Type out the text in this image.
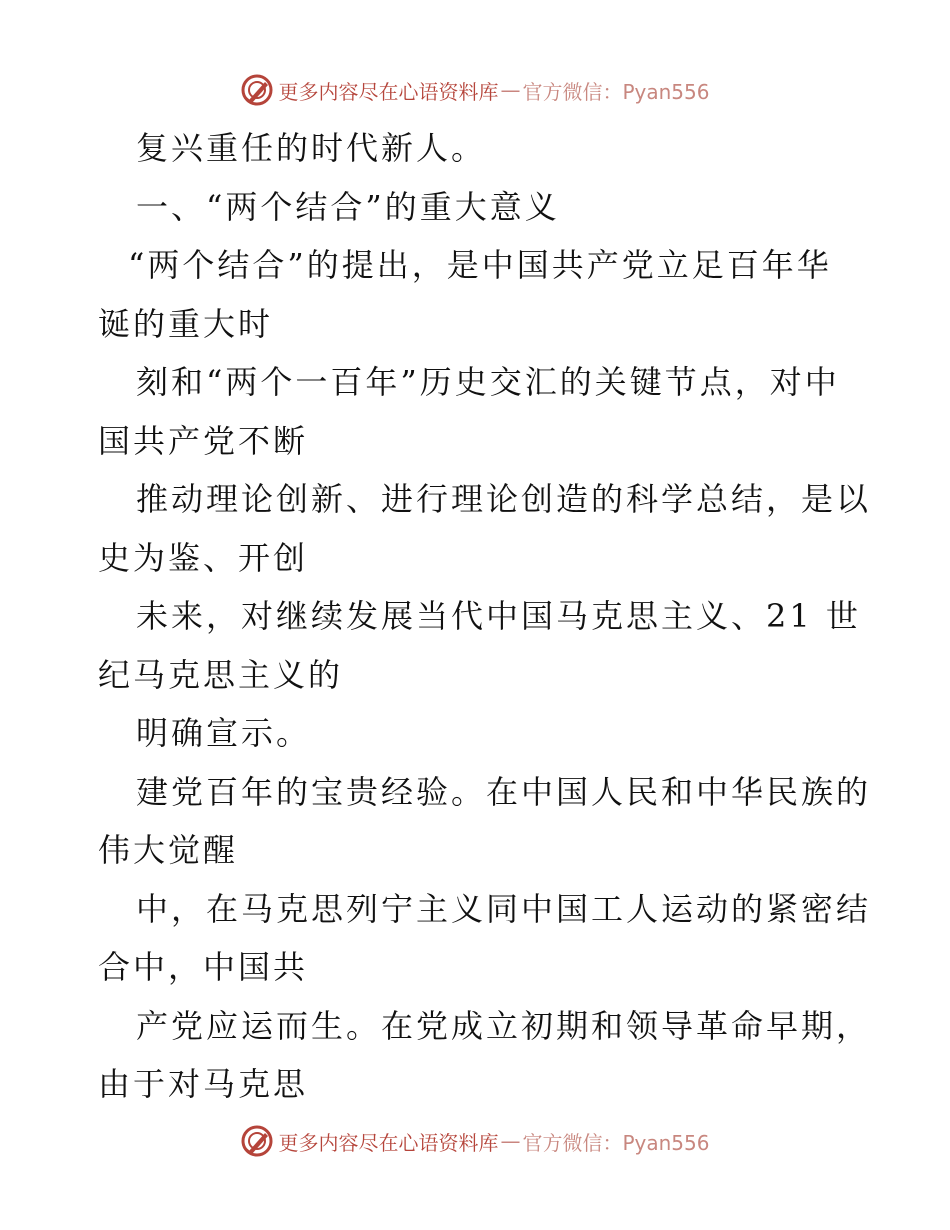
更多内容尽在心语资料库 — 官方微信：Pyan556
复兴重任的时代新人。
一、“两个结合”的重大意义
“两个结合”的提出，是中国共产党立足百年华
诞的重大时
刻和“两个一百年”历史交汇的关键节点，对中
国共产党不断
推动理论创新、进行理论创造的科学总结，是以
史为鉴、开创
未来，对继续发展当代中国马克思主义、21 世
纪马克思主义的
明确宣示。
建党百年的宝贵经验。在中国人民和中华民族的
伟大觉醒
中，在马克思列宁主义同中国工人运动的紧密结
合中，中国共
产党应运而生。在党成立初期和领导革命早期，
由于对马克思
更多内容尽在心语资料库 — 官方微信：Pyan556
